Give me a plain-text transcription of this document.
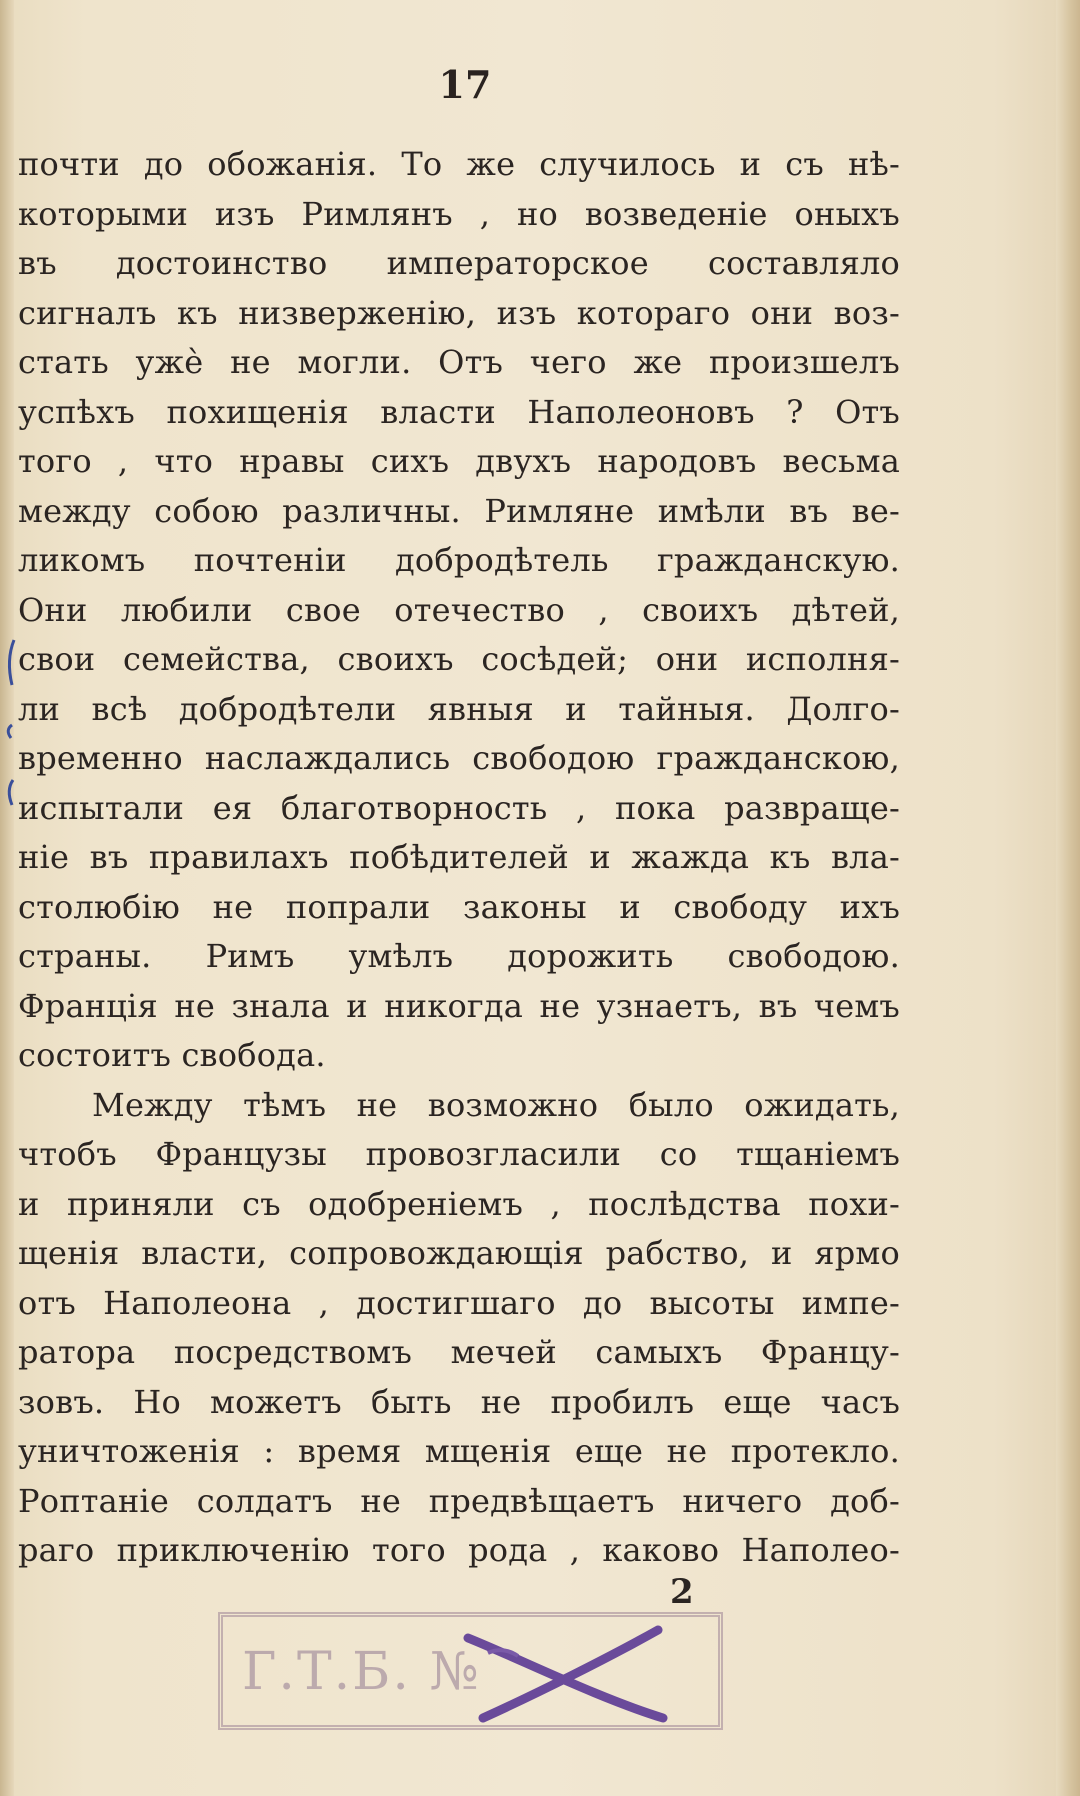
17
почти до обожанія. То же случилось и съ нѣ-
которыми изъ Римлянъ , но возведеніе оныхъ
въ достоинство императорское составляло
сигналъ къ низверженію, изъ котораго они воз-
стать ужѐ не могли. Отъ чего же произшелъ
успѣхъ похищенія власти Наполеоновъ ? Отъ
того , что нравы сихъ двухъ народовъ весьма
между собою различны. Римляне имѣли въ ве-
ликомъ почтеніи добродѣтель гражданскую.
Они любили свое отечество , своихъ дѣтей,
свои семейства, своихъ сосѣдей; они исполня-
ли всѣ добродѣтели явныя и тайныя. Долго-
временно наслаждались свободою гражданскою,
испытали ея благотворность , пока развраще-
ніе въ правилахъ побѣдителей и жажда къ вла-
столюбію не попрали законы и свободу ихъ
страны. Римъ умѣлъ дорожить свободою.
Франція не знала и никогда не узнаетъ, въ чемъ
состоитъ свобода.
Между тѣмъ не возможно было ожидать,
чтобъ Французы провозгласили со тщаніемъ
и приняли съ одобреніемъ , послѣдства похи-
щенія власти, сопровождающія рабство, и ярмо
отъ Наполеона , достигшаго до высоты импе-
ратора посредствомъ мечей самыхъ Францу-
зовъ. Но можетъ быть не пробилъ еще часъ
уничтоженія : время мщенія еще не протекло.
Роптаніе солдатъ не предвѣщаетъ ничего доб-
раго приключенію того рода , каково Наполео-
2
Г.Т.Б. №
